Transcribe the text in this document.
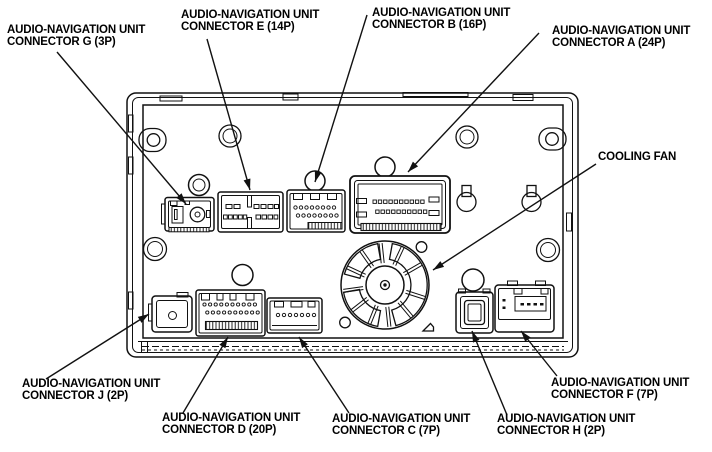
AUDIO-NAVIGATION UNIT
CONNECTOR G (3P)
AUDIO-NAVIGATION UNIT
CONNECTOR E (14P)
AUDIO-NAVIGATION UNIT
CONNECTOR B (16P)	AUDIO-NAVIGATION UNIT
CONNECTOR A (24P)
COOLING FAN
AUDIO-NAVIGATION UNIT
CONNECTOR J (2P)
AUDIO-NAVIGATION UNIT
CONNECTOR D (20P)
AUDIO-NAVIGATION UNIT
CONNECTOR C (7P)
AUDIO-NAVIGATION UNIT
CONNECTOR H (2P)
AUDIO-NAVIGATION UNIT
CONNECTOR F (7P)
